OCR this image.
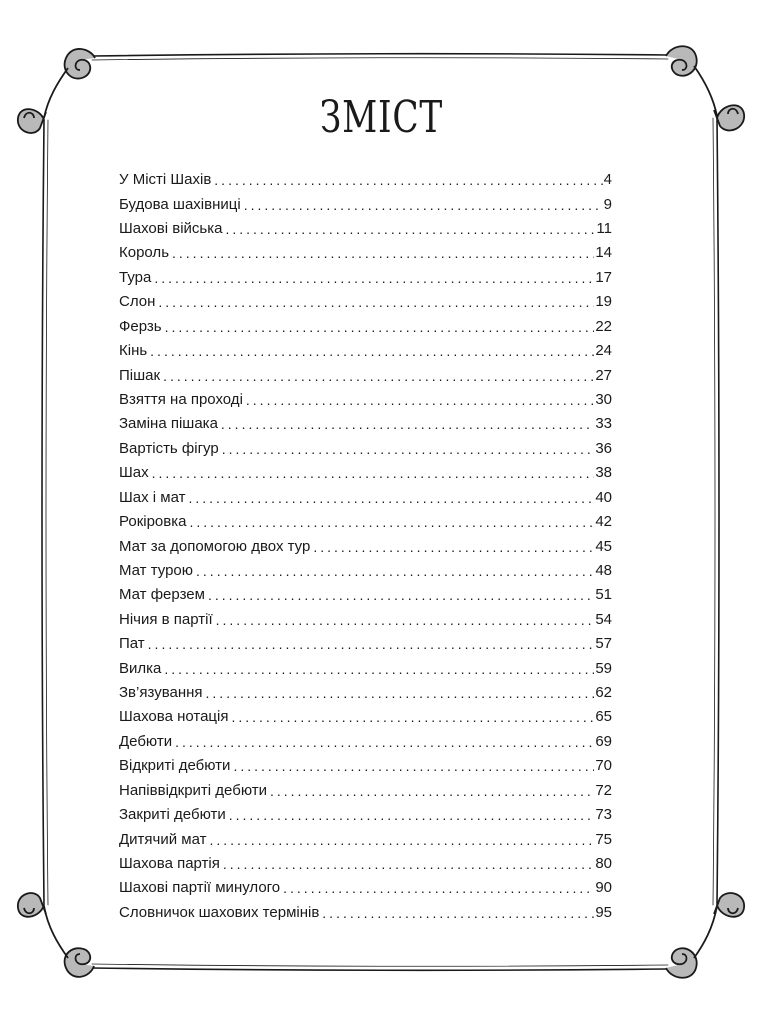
ЗМІСТ
У Місті Шахів .....	4
Будова шахівниці .....	9
Шахові війська .....	11
Король .....	14
Тура .....	17
Слон .....	19
Ферзь .....	22
Кінь .....	24
Пішак .....	27
Взяття на проході .....	30
Заміна пішака .....	33
Вартість фігур .....	36
Шах .....	38
Шах і мат .....	40
Рокіровка .....	42
Мат за допомогою двох тур .....	45
Мат турою .....	48
Мат ферзем .....	51
Нічия в партії .....	54
Пат .....	57
Вилка .....	59
Зв’язування .....	62
Шахова нотація .....	65
Дебюти .....	69
Відкриті дебюти .....	70
Напіввідкриті дебюти .....	72
Закриті дебюти .....	73
Дитячий мат .....	75
Шахова партія .....	80
Шахові партії минулого .....	90
Словничок шахових термінів .....	95
